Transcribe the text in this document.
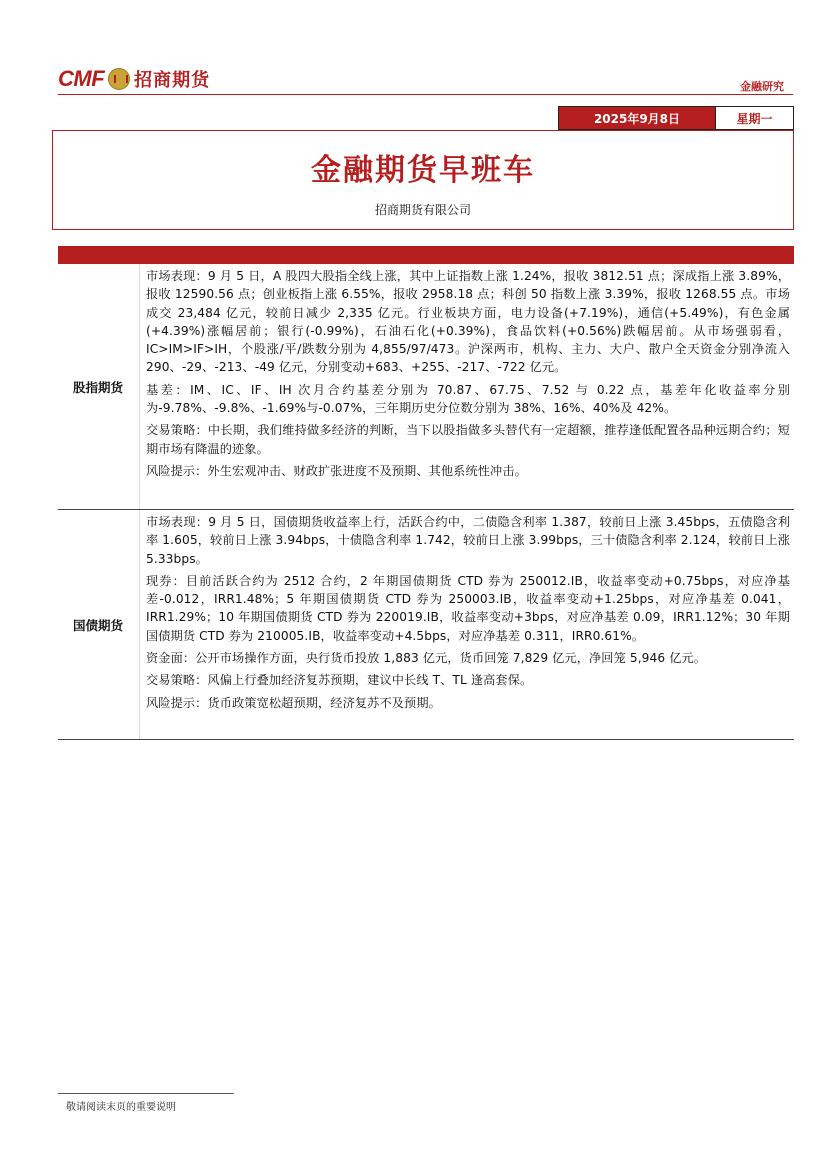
CMF 招商期货	金融研究
2025年9月8日	星期一
金融期货早班车
招商期货有限公司
股指期货

市场表现：9 月 5 日，A 股四大股指全线上涨，其中上证指数上涨 1.24%，报收 3812.51 点；深成指上涨 3.89%，报收 12590.56 点；创业板指上涨 6.55%，报收 2958.18 点；科创 50 指数上涨 3.39%，报收 1268.55 点。市场成交 23,484 亿元，较前日减少 2,335 亿元。行业板块方面，电力设备(+7.19%)，通信(+5.49%)，有色金属(+4.39%)涨幅居前；银行(-0.99%)，石油石化(+0.39%)，食品饮料(+0.56%)跌幅居前。从市场强弱看，IC>IM>IF>IH，个股涨/平/跌数分别为 4,855/97/473。沪深两市，机构、主力、大户、散户全天资金分别净流入 290、-29、-213、-49 亿元，分别变动+683、+255、-217、-722 亿元。

基差：IM、IC、IF、IH 次月合约基差分别为 70.87、67.75、7.52 与 0.22 点，基差年化收益率分别为-9.78%、-9.8%、-1.69%与-0.07%，三年期历史分位数分别为 38%、16%、40%及 42%。

交易策略：中长期，我们维持做多经济的判断，当下以股指做多头替代有一定超额，推荐逢低配置各品种远期合约；短期市场有降温的迹象。

风险提示：外生宏观冲击、财政扩张进度不及预期、其他系统性冲击。

国债期货

市场表现：9 月 5 日，国债期货收益率上行，活跃合约中，二债隐含利率 1.387，较前日上涨 3.45bps，五债隐含利率 1.605，较前日上涨 3.94bps，十债隐含利率 1.742，较前日上涨 3.99bps，三十债隐含利率 2.124，较前日上涨 5.33bps。

现券：目前活跃合约为 2512 合约，2 年期国债期货 CTD 券为 250012.IB，收益率变动+0.75bps，对应净基差-0.012，IRR1.48%；5 年期国债期货 CTD 券为 250003.IB，收益率变动+1.25bps，对应净基差 0.041，IRR1.29%；10 年期国债期货 CTD 券为 220019.IB，收益率变动+3bps，对应净基差 0.09，IRR1.12%；30 年期国债期货 CTD 券为 210005.IB，收益率变动+4.5bps，对应净基差 0.311，IRR0.61%。

资金面：公开市场操作方面，央行货币投放 1,883 亿元，货币回笼 7,829 亿元，净回笼 5,946 亿元。

交易策略：风偏上行叠加经济复苏预期，建议中长线 T、TL 逢高套保。

风险提示：货币政策宽松超预期，经济复苏不及预期。

敬请阅读末页的重要说明
